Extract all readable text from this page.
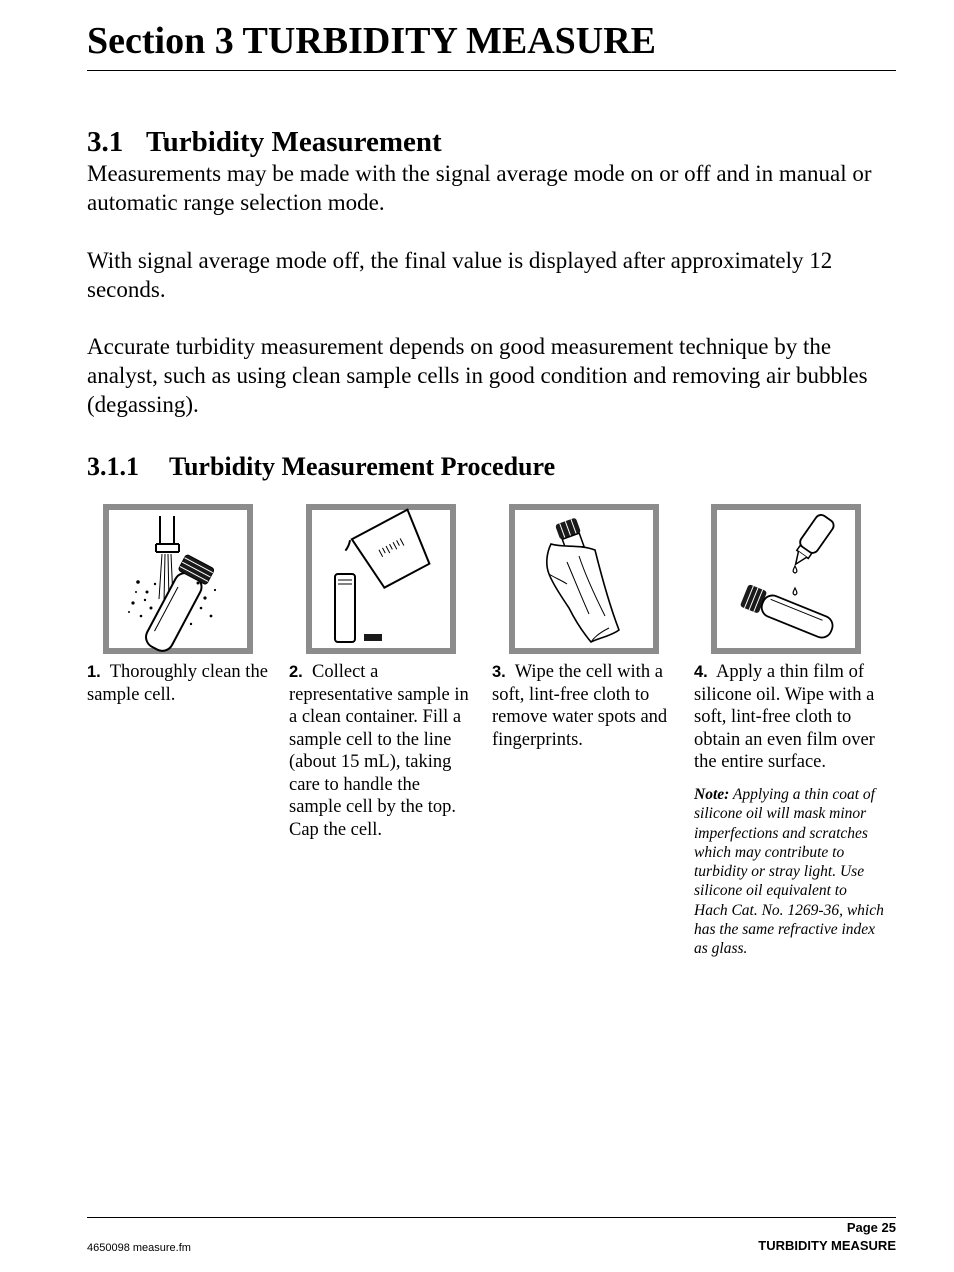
Section 3 TURBIDITY MEASURE
3.1 Turbidity Measurement

Measurements may be made with the signal average mode on or off and in manual or automatic range selection mode.

With signal average mode off, the final value is displayed after approximately 12 seconds.

Accurate turbidity measurement depends on good measurement technique by the analyst, such as using clean sample cells in good condition and removing air bubbles (degassing).

3.1.1 Turbidity Measurement Procedure

1. Thoroughly clean the sample cell.

2. Collect a representative sample in a clean container. Fill a sample cell to the line (about 15 mL), taking care to handle the sample cell by the top. Cap the cell.

3. Wipe the cell with a soft, lint-free cloth to remove water spots and fingerprints.

4. Apply a thin film of silicone oil. Wipe with a soft, lint-free cloth to obtain an even film over the entire surface.

Note: Applying a thin coat of silicone oil will mask minor imperfections and scratches which may contribute to turbidity or stray light. Use silicone oil equivalent to Hach Cat. No. 1269-36, which has the same refractive index as glass.

Page 25

TURBIDITY MEASURE

4650098 measure.fm
